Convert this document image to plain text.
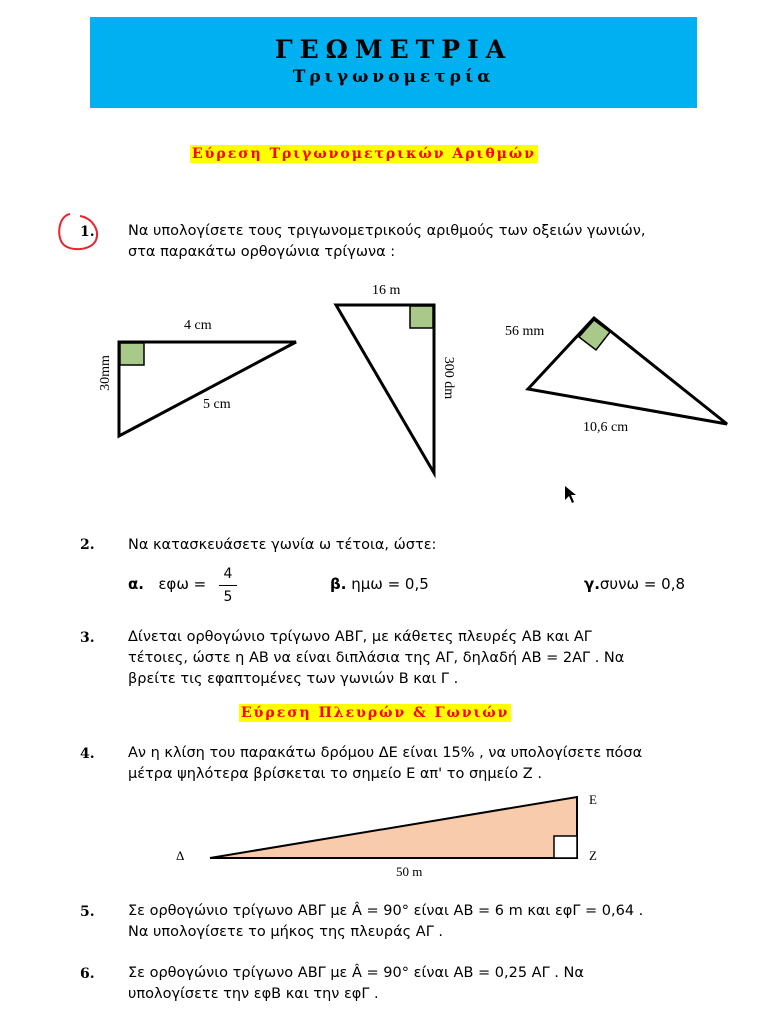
ΓΕΩΜΕΤΡΙΑ
Τριγωνομετρία
Εύρεση Τριγωνομετρικών Αριθμών
1. Να υπολογίσετε τους τριγωνομετρικούς αριθμούς των οξειών γωνιών,
στα παρακάτω ορθογώνια τρίγωνα :
4 cm
30mm
5 cm
16 m
300 dm
56 mm
10,6 cm
2. Να κατασκευάσετε γωνία ω τέτοια, ώστε:
α. εφω =
4
5
β. ημω = 0,5	γ.συνω = 0,8
3. Δίνεται ορθογώνιο τρίγωνο ΑΒΓ, με κάθετες πλευρές ΑΒ και ΑΓ
τέτοιες, ώστε η ΑΒ να είναι διπλάσια της ΑΓ, δηλαδή ΑΒ = 2ΑΓ . Να
βρείτε τις εφαπτομένες των γωνιών Β και Γ .
Εύρεση Πλευρών & Γωνιών
4. Αν η κλίση του παρακάτω δρόμου ΔΕ είναι 15% , να υπολογίσετε πόσα
μέτρα ψηλότερα βρίσκεται το σημείο Ε απ' το σημείο Ζ .
Δ
Ε
Ζ
50 m
5. Σε ορθογώνιο τρίγωνο ΑΒΓ με Â = 90° είναι ΑΒ = 6 m και εφΓ = 0,64 .
Να υπολογίσετε το μήκος της πλευράς ΑΓ .
6. Σε ορθογώνιο τρίγωνο ΑΒΓ με Â = 90° είναι ΑΒ = 0,25 ΑΓ . Να
υπολογίσετε την εφΒ και την εφΓ .
